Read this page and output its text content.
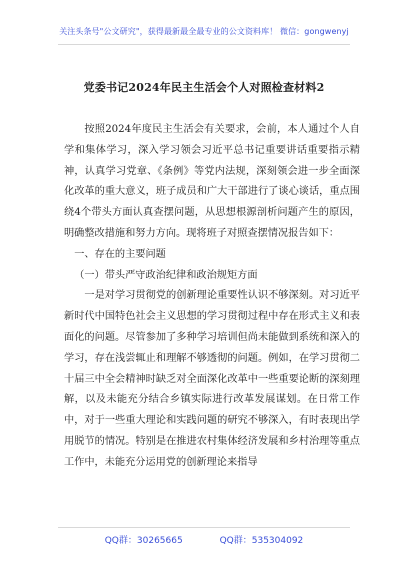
关注头条号"公文研究"，获得最新最全最专业的公文资料库！ 微信：gongwenyj
党委书记2024年民主生活会个人对照检查材料2

按照2024年度民主生活会有关要求，会前，本人通过个人自学和集体学习，深入学习领会习近平总书记重要讲话重要指示精神，认真学习党章、《条例》等党内法规，深刻领会进一步全面深化改革的重大意义，班子成员和广大干部进行了谈心谈话，重点围绕4个带头方面认真查摆问题，从思想根源剖析问题产生的原因，明确整改措施和努力方向。现将班子对照查摆情况报告如下：

一、存在的主要问题

（一）带头严守政治纪律和政治规矩方面

一是对学习贯彻党的创新理论重要性认识不够深刻。对习近平新时代中国特色社会主义思想的学习贯彻过程中存在形式主义和表面化的问题。尽管参加了多种学习培训但尚未能做到系统和深入的学习，存在浅尝辄止和理解不够透彻的问题。例如，在学习贯彻二十届三中全会精神时缺乏对全面深化改革中一些重要论断的深刻理解，以及未能充分结合乡镇实际进行改革发展谋划。在日常工作中，对于一些重大理论和实践问题的研究不够深入，有时表现出学用脱节的情况。特别是在推进农村集体经济发展和乡村治理等重点工作中，未能充分运用党的创新理论来指导

QQ群：30265665	QQ群：535304092
